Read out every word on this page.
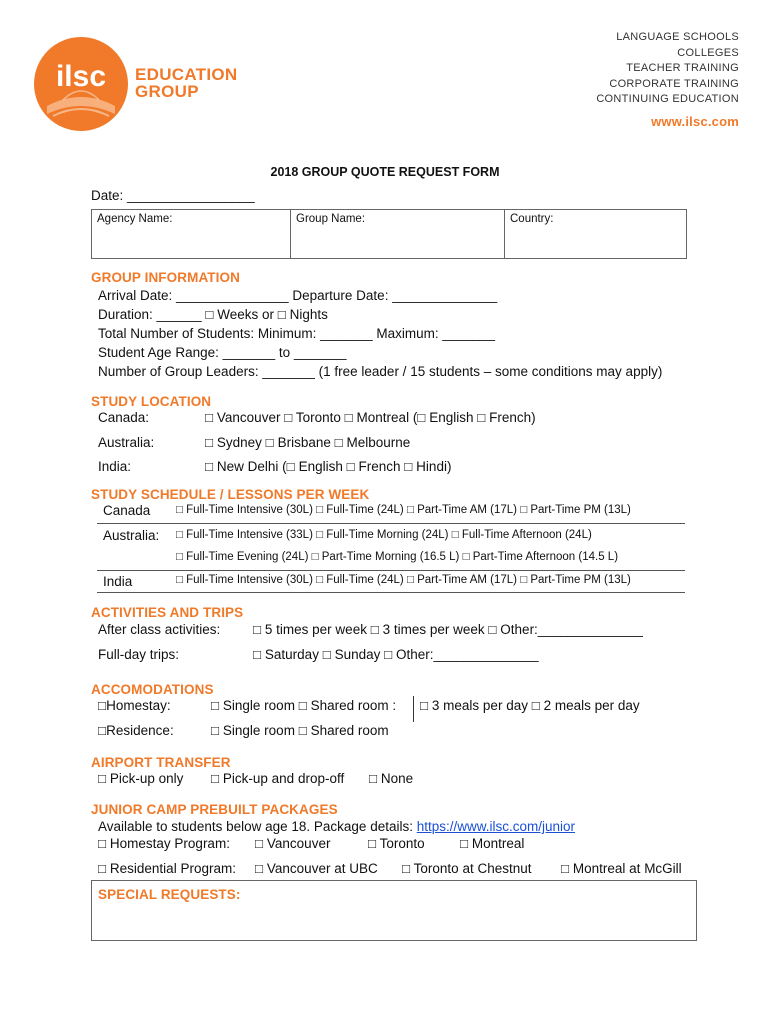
ilsc EDUCATION
GROUP
LANGUAGE SCHOOLS
COLLEGES
TEACHER TRAINING
CORPORATE TRAINING
CONTINUING EDUCATION
www.ilsc.com
2018 GROUP QUOTE REQUEST FORM
Date: _________________
Agency Name:	Group Name:	Country:
GROUP INFORMATION
Arrival Date: _______________ Departure Date: ______________
Duration: ______ □ Weeks or □ Nights
Total Number of Students: Minimum: _______ Maximum: _______
Student Age Range: _______ to _______
Number of Group Leaders: _______ (1 free leader / 15 students – some conditions may apply)
STUDY LOCATION
Canada:	□ Vancouver □ Toronto □ Montreal (□ English □ French)
Australia:	□ Sydney □ Brisbane □ Melbourne
India:	□ New Delhi (□ English □ French □ Hindi)
STUDY SCHEDULE / LESSONS PER WEEK
Canada □ Full-Time Intensive (30L) □ Full-Time (24L) □ Part-Time AM (17L) □ Part-Time PM (13L)
Australia: □ Full-Time Intensive (33L) □ Full-Time Morning (24L) □ Full-Time Afternoon (24L)
□ Full-Time Evening (24L) □ Part-Time Morning (16.5 L) □ Part-Time Afternoon (14.5 L)
India	□ Full-Time Intensive (30L) □ Full-Time (24L) □ Part-Time AM (17L) □ Part-Time PM (13L)
ACTIVITIES AND TRIPS
After class activities: □ 5 times per week □ 3 times per week □ Other:______________
Full-day trips:	□ Saturday □ Sunday □ Other:______________
ACCOMODATIONS
□Homestay:	□ Single room □ Shared room : □ 3 meals per day □ 2 meals per day
□Residence:	□ Single room □ Shared room
AIRPORT TRANSFER
□ Pick-up only □ Pick-up and drop-off □ None
JUNIOR CAMP PREBUILT PACKAGES
Available to students below age 18. Package details: https://www.ilsc.com/junior
□ Homestay Program: □ Vancouver	□ Toronto	□ Montreal
□ Residential Program: □ Vancouver at UBC □ Toronto at Chestnut □ Montreal at McGill
SPECIAL REQUESTS:
